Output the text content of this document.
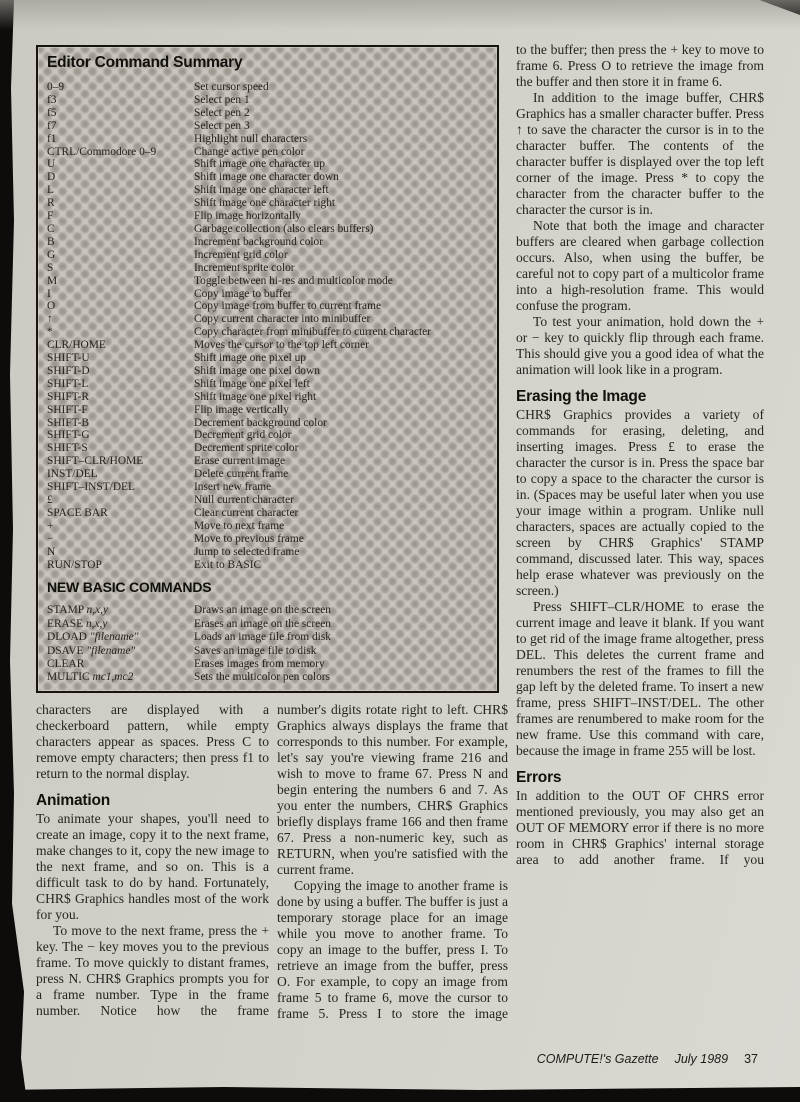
Editor Command Summary
0–9	Set cursor speed
f3	Select pen 1
f5	Select pen 2
f7	Select pen 3
f1	Highlight null characters
CTRL/Commodore 0–9	Change active pen color
U	Shift image one character up
D	Shift image one character down
L	Shift image one character left
R	Shift image one character right
F	Flip image horizontally
C	Garbage collection (also clears buffers)
B	Increment background color
G	Increment grid color
S	Increment sprite color
M	Toggle between hi-res and multicolor mode
I	Copy image to buffer
O	Copy image from buffer to current frame
↑	Copy current character into minibuffer
*	Copy character from minibuffer to current character
CLR/HOME	Moves the cursor to the top left corner
SHIFT-U	Shift image one pixel up
SHIFT-D	Shift image one pixel down
SHIFT-L	Shift image one pixel left
SHIFT-R	Shift image one pixel right
SHIFT-F	Flip image vertically
SHIFT-B	Decrement background color
SHIFT-G	Decrement grid color
SHIFT-S	Decrement sprite color
SHIFT–CLR/HOME	Erase current image
INST/DEL	Delete current frame
SHIFT–INST/DEL	Insert new frame
£	Null current character
SPACE BAR	Clear current character
+	Move to next frame
−	Move to previous frame
N	Jump to selected frame
RUN/STOP	Exit to BASIC
NEW BASIC COMMANDS
STAMP n,x,y	Draws an image on the screen
ERASE n,x,y	Erases an image on the screen
DLOAD "filename"	Loads an image file from disk
DSAVE "filename"	Saves an image file to disk
CLEAR	Erases images from memory
MULTIC mc1,mc2	Sets the multicolor pen colors

characters are displayed with a checkerboard pattern, while empty characters appear as spaces. Press C to remove empty characters; then press f1 to return to the normal display.

Animation

To animate your shapes, you'll need to create an image, copy it to the next frame, make changes to it, copy the new image to the next frame, and so on. This is a difficult task to do by hand. Fortunately, CHR$ Graphics handles most of the work for you.

To move to the next frame, press the + key. The − key moves you to the previous frame. To move quickly to distant frames, press N. CHR$ Graphics prompts you for a frame number. Type in the frame number. Notice how the frame

number's digits rotate right to left. CHR$ Graphics always displays the frame that corresponds to this number. For example, let's say you're viewing frame 216 and wish to move to frame 67. Press N and begin entering the numbers 6 and 7. As you enter the numbers, CHR$ Graphics briefly displays frame 166 and then frame 67. Press a non-numeric key, such as RETURN, when you're satisfied with the current frame.

Copying the image to another frame is done by using a buffer. The buffer is just a temporary storage place for an image while you move to another frame. To copy an image to the buffer, press I. To retrieve an image from the buffer, press O. For example, to copy an image from frame 5 to frame 6, move the cursor to frame 5. Press I to store the image

to the buffer; then press the + key to move to frame 6. Press O to retrieve the image from the buffer and then store it in frame 6.

In addition to the image buffer, CHR$ Graphics has a smaller character buffer. Press ↑ to save the character the cursor is in to the character buffer. The contents of the character buffer is displayed over the top left corner of the image. Press * to copy the character from the character buffer to the character the cursor is in.

Note that both the image and character buffers are cleared when garbage collection occurs. Also, when using the buffer, be careful not to copy part of a multicolor frame into a high-resolution frame. This would confuse the program.

To test your animation, hold down the + or − key to quickly flip through each frame. This should give you a good idea of what the animation will look like in a program.

Erasing the Image

CHR$ Graphics provides a variety of commands for erasing, deleting, and inserting images. Press £ to erase the character the cursor is in. Press the space bar to copy a space to the character the cursor is in. (Spaces may be useful later when you use your image within a program. Unlike null characters, spaces are actually copied to the screen by CHR$ Graphics' STAMP command, discussed later. This way, spaces help erase whatever was previously on the screen.)

Press SHIFT–CLR/HOME to erase the current image and leave it blank. If you want to get rid of the image frame altogether, press DEL. This deletes the current frame and renumbers the rest of the frames to fill the gap left by the deleted frame. To insert a new frame, press SHIFT–INST/DEL. The other frames are renumbered to make room for the new frame. Use this command with care, because the image in frame 255 will be lost.

Errors

In addition to the OUT OF CHRS error mentioned previously, you may also get an OUT OF MEMORY error if there is no more room in CHR$ Graphics' internal storage area to add another frame. If you

COMPUTE!'s Gazette July 1989 37
